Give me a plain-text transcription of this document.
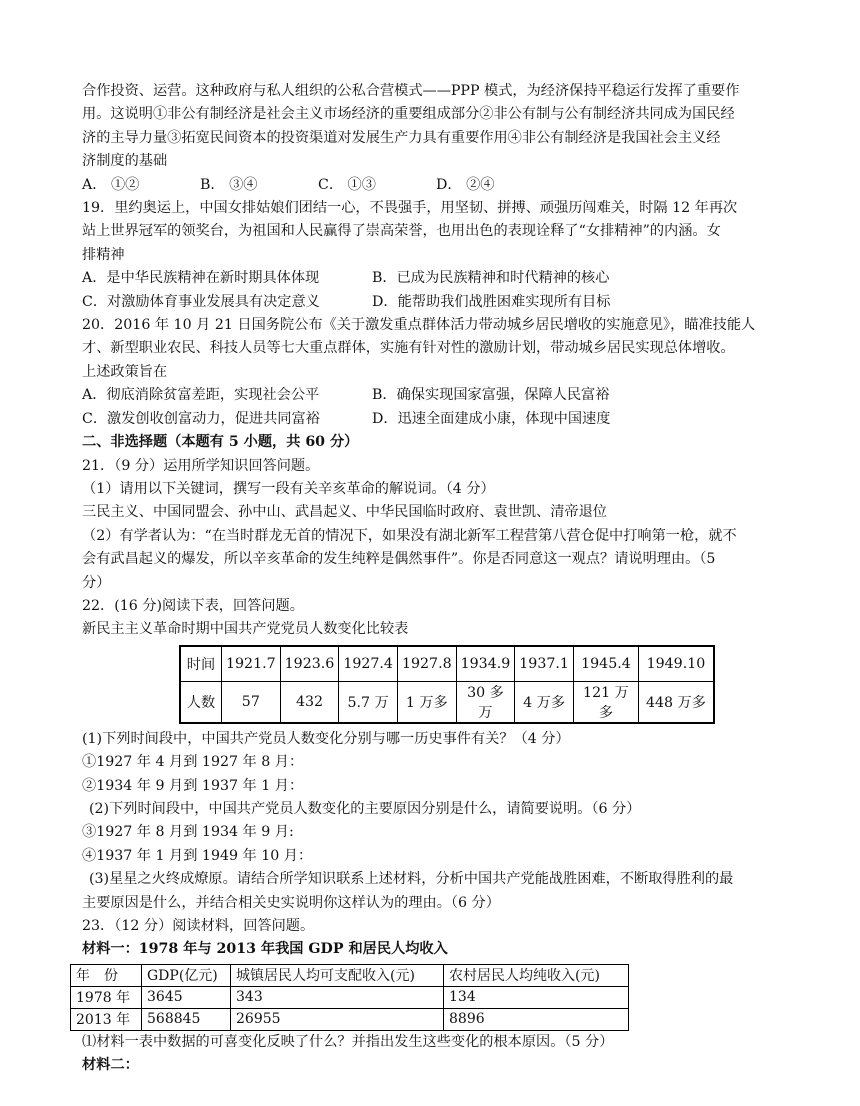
合作投资、运营。这种政府与私人组织的公私合营模式——PPP 模式，为经济保持平稳运行发挥了重要作
用。这说明①非公有制经济是社会主义市场经济的重要组成部分②非公有制与公有制经济共同成为国民经
济的主导力量③拓宽民间资本的投资渠道对发展生产力具有重要作用④非公有制经济是我国社会主义经
济制度的基础
A． ①②	B． ③④	C． ①③	D． ②④
19．里约奥运上，中国女排姑娘们团结一心，不畏强手，用坚韧、拼搏、顽强历闯难关，时隔 12 年再次
站上世界冠军的领奖台，为祖国和人民赢得了崇高荣誉，也用出色的表现诠释了“女排精神”的内涵。女
排精神
A．是中华民族精神在新时期具体体现	B．已成为民族精神和时代精神的核心
C．对激励体育事业发展具有决定意义	D．能帮助我们战胜困难实现所有目标
20．2016 年 10 月 21 日国务院公布《关于激发重点群体活力带动城乡居民增收的实施意见》，瞄准技能人
才、新型职业农民、科技人员等七大重点群体，实施有针对性的激励计划，带动城乡居民实现总体增收。
上述政策旨在
A．彻底消除贫富差距，实现社会公平	B．确保实现国家富强，保障人民富裕
C．激发创收创富动力，促进共同富裕	D．迅速全面建成小康，体现中国速度
二、非选择题（本题有 5 小题，共 60 分）
21．（9 分）运用所学知识回答问题。
（1）请用以下关键词，撰写一段有关辛亥革命的解说词。（4 分）
三民主义、中国同盟会、孙中山、武昌起义、中华民国临时政府、袁世凯、清帝退位
（2）有学者认为：“在当时群龙无首的情况下，如果没有湖北新军工程营第八营仓促中打响第一枪，就不
会有武昌起义的爆发，所以辛亥革命的发生纯粹是偶然事件”。你是否同意这一观点？请说明理由。（5
分）
22．(16 分)阅读下表，回答问题。
新民主主义革命时期中国共产党党员人数变化比较表
时间	1921.7	1923.6	1927.4	1927.8	1934.9	1937.1	1945.4	1949.10
人数	57	432	5.7 万	1 万多	30 多万	4 万多	121 万多	448 万多
(1)下列时间段中，中国共产党员人数变化分别与哪一历史事件有关？（4 分）
①1927 年 4 月到 1927 年 8 月：
②1934 年 9 月到 1937 年 1 月：
(2)下列时间段中，中国共产党员人数变化的主要原因分别是什么，请简要说明。（6 分）
③1927 年 8 月到 1934 年 9 月:
④1937 年 1 月到 1949 年 10 月：
(3)星星之火终成燎原。请结合所学知识联系上述材料，分析中国共产党能战胜困难，不断取得胜利的最
主要原因是什么，并结合相关史实说明你这样认为的理由。（6 分）
23．（12 分）阅读材料，回答问题。
材料一：1978 年与 2013 年我国 GDP 和居民人均收入
年　份	GDP(亿元)	城镇居民人均可支配收入(元)	农村居民人均纯收入(元)
1978 年	3645	343	134
2013 年	568845	26955	8896
⑴材料一表中数据的可喜变化反映了什么？并指出发生这些变化的根本原因。（5 分）
材料二：
